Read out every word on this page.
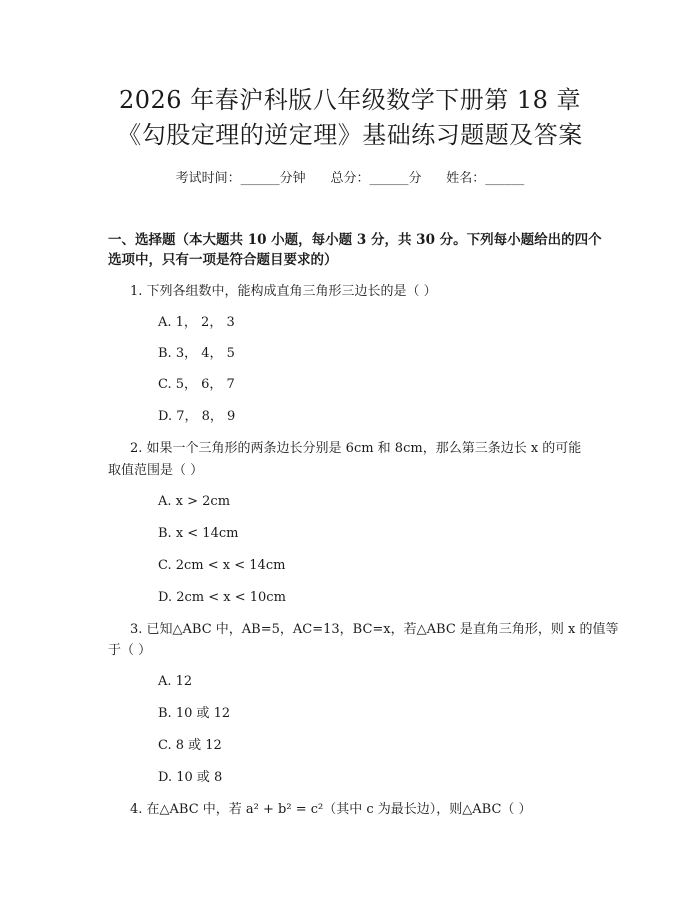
2026 年春沪科版八年级数学下册第 18 章
《勾股定理的逆定理》基础练习题题及答案
考试时间：______分钟 总分：______分 姓名：______
一、选择题（本大题共 10 小题，每小题 3 分，共 30 分。下列每小题给出的四个
选项中，只有一项是符合题目要求的）
1. 下列各组数中，能构成直角三角形三边长的是（ ）
A. 1， 2， 3
B. 3， 4， 5
C. 5， 6， 7
D. 7， 8， 9
2. 如果一个三角形的两条边长分别是 6cm 和 8cm，那么第三条边长 x 的可能
取值范围是（ ）
A. x > 2cm
B. x < 14cm
C. 2cm < x < 14cm
D. 2cm < x < 10cm
3. 已知△ABC 中，AB=5，AC=13，BC=x，若△ABC 是直角三角形，则 x 的值等
于（ ）
A. 12
B. 10 或 12
C. 8 或 12
D. 10 或 8
4. 在△ABC 中，若 a² + b² = c²（其中 c 为最长边），则△ABC（ ）
